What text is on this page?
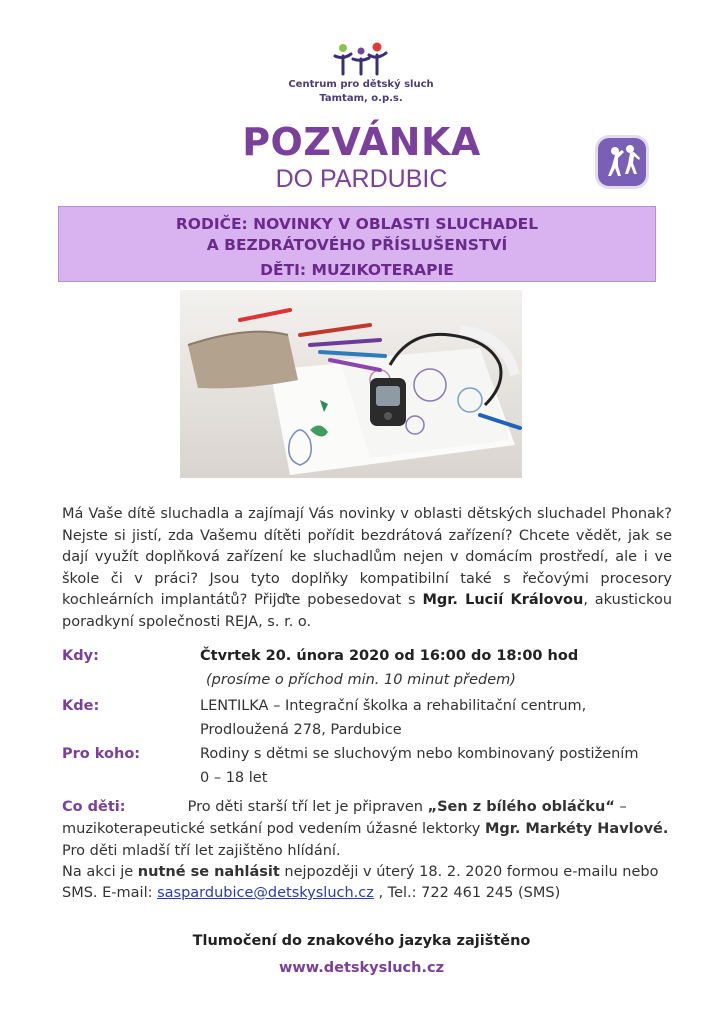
Centrum pro dětský sluch
Tamtam, o.p.s.
POZVÁNKA
DO PARDUBIC
RODIČE: NOVINKY V OBLASTI SLUCHADEL
A BEZDRÁTOVÉHO PŘÍSLUŠENSTVÍ
DĚTI: MUZIKOTERAPIE
Má Vaše dítě sluchadla a zajímají Vás novinky v oblasti dětských sluchadel Phonak? Nejste si jistí, zda Vašemu dítěti pořídit bezdrátová zařízení? Chcete vědět, jak se dají využít doplňková zařízení ke sluchadlům nejen v domácím prostředí, ale i ve škole či v práci? Jsou tyto doplňky kompatibilní také s řečovými procesory kochleárních implantátů? Přijďte pobesedovat s Mgr. Lucií Královou, akustickou poradkyní společnosti REJA, s. r. o.
Kdy:	Čtvrtek 20. února 2020 od 16:00 do 18:00 hod
(prosíme o příchod min. 10 minut předem)
Kde:	LENTILKA – Integrační školka a rehabilitační centrum,
Prodloužená 278, Pardubice
Pro koho:	Rodiny s dětmi se sluchovým nebo kombinovaný postižením
0 – 18 let
Co děti:	Pro děti starší tří let je připraven „Sen z bílého obláčku“ – muzikoterapeutické setkání pod vedením úžasné lektorky Mgr. Markéty Havlové. Pro děti mladší tří let zajištěno hlídání.
Na akci je nutné se nahlásit nejpozději v úterý 18. 2. 2020 formou e-mailu nebo SMS. E-mail: saspardubice@detskysluch.cz , Tel.: 722 461 245 (SMS)
Tlumočení do znakového jazyka zajištěno
www.detskysluch.cz
